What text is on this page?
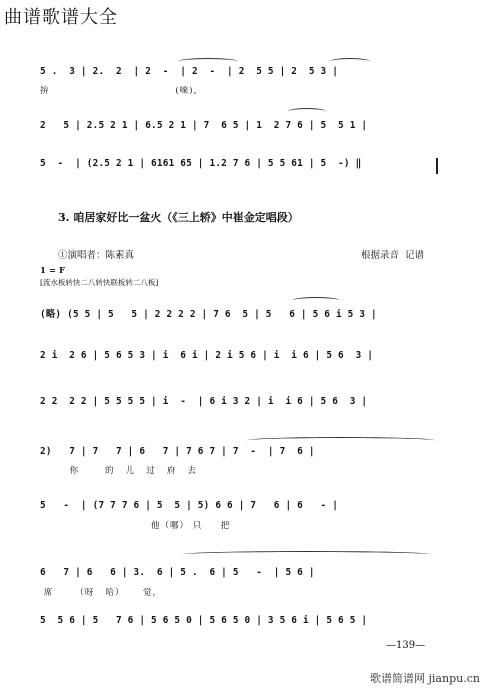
曲谱歌谱大全
5 .  3 | 2.  2  | 2  -  | 2  -  | 2  5 5 | 2  5 3 |
拚                                  (唻)，
2   5 | 2.5 2 1 | 6.5 2 1 | 7  6 5 | 1  2 7 6 | 5  5 1 |
5  -  | (2.5 2 1 | 6161 65 | 1.2 7 6 | 5 5 61 | 5  -) ‖
3. 咱居家好比一盆火（《三上轿》中崔金定唱段）
①演唱者：陈素真	根据录音  记谱
1 = F
[流水板转快二八转快联板转二八板]
(略) (5 5 | 5   5 | 2 2 2 2 | 7 6  5 | 5   6 | 5 6 i 5 3 |
2 i  2 6 | 5 6 5 3 | i  6 i | 2 i 5 6 | i  i 6 | 5 6  3 |
2 2  2 2 | 5 5 5 5 | i  -  | 6 i 3 2 | i  i 6 | 5 6  3 |
2)   7 | 7   7 | 6   7 | 7 6 7 | 7  -  | 7  6 |
你       的   儿   过   府   去
5   -  | (7 7 7 6 | 5  5 | 5) 6 6 | 7   6 | 6   - |
他（哪） 只     把
6   7 | 6   6 | 3.  6 | 5 .  6 | 5   -  | 5 6 |
席      （呀   哈）     觉，
5  5 6 | 5   7 6 | 5 6 5 0 | 5 6 5 0 | 3 5 6 i | 5 6 5 |
—139—
歌谱简谱网 jianpu.cn
